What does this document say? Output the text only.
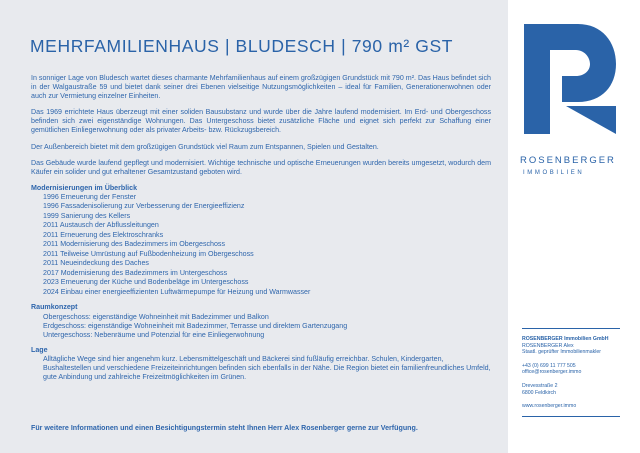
MEHRFAMILIENHAUS | BLUDESCH | 790 m² GST

In sonniger Lage von Bludesch wartet dieses charmante Mehrfamilienhaus auf einem großzügigen Grundstück mit 790 m². Das Haus befindet sich in der Walgaustraße 59 und bietet dank seiner drei Ebenen vielseitige Nutzungsmöglichkeiten – ideal für Familien, Generationenwohnen oder auch zur Vermietung einzelner Einheiten.

Das 1969 errichtete Haus überzeugt mit einer soliden Bausubstanz und wurde über die Jahre laufend modernisiert. Im Erd- und Obergeschoss befinden sich zwei eigenständige Wohnungen. Das Untergeschoss bietet zusätzliche Fläche und eignet sich perfekt zur Schaffung einer gemütlichen Einliegerwohnung oder als privater Arbeits- bzw. Rückzugsbereich.

Der Außenbereich bietet mit dem großzügigen Grundstück viel Raum zum Entspannen, Spielen und Gestalten.

Das Gebäude wurde laufend gepflegt und modernisiert. Wichtige technische und optische Erneuerungen wurden bereits umgesetzt, wodurch dem Käufer ein solider und gut erhaltener Gesamtzustand geboten wird.

Modernisierungen im Überblick

1996 Erneuerung der Fenster
1996 Fassadenisolierung zur Verbesserung der Energieeffizienz
1999 Sanierung des Kellers
2011 Austausch der Abflussleitungen
2011 Erneuerung des Elektroschranks
2011 Modernisierung des Badezimmers im Obergeschoss
2011 Teilweise Umrüstung auf Fußbodenheizung im Obergeschoss
2011 Neueindeckung des Daches
2017 Modernisierung des Badezimmers im Untergeschoss
2023 Erneuerung der Küche und Bodenbeläge im Untergeschoss
2024 Einbau einer energieeffizienten Luftwärmepumpe für Heizung und Warmwasser

Raumkonzept

Obergeschoss: eigenständige Wohneinheit mit Badezimmer und Balkon
Erdgeschoss: eigenständige Wohneinheit mit Badezimmer, Terrasse und direktem Gartenzugang
Untergeschoss: Nebenräume und Potenzial für eine Einliegerwohnung

Lage

Alltägliche Wege sind hier angenehm kurz. Lebensmittelgeschäft und Bäckerei sind fußläufig erreichbar. Schulen, Kindergarten, Bushaltestellen und verschiedene Freizeiteinrichtungen befinden sich ebenfalls in der Nähe. Die Region bietet ein familienfreundliches Umfeld, gute Anbindung und zahlreiche Freizeitmöglichkeiten im Grünen.
Für weitere Informationen und einen Besichtigungstermin steht Ihnen Herr Alex Rosenberger gerne zur Verfügung.
ROSENBERGER
IMMOBILIEN
ROSENBERGER Immobilien GmbH
ROSENBERGER Alex
Staatl. geprüfter Immobilienmakler
+43 (0) 699 11 777 505
office@rosenberger.immo
Drevesstraße 2
6800 Feldkirch
www.rosenberger.immo
